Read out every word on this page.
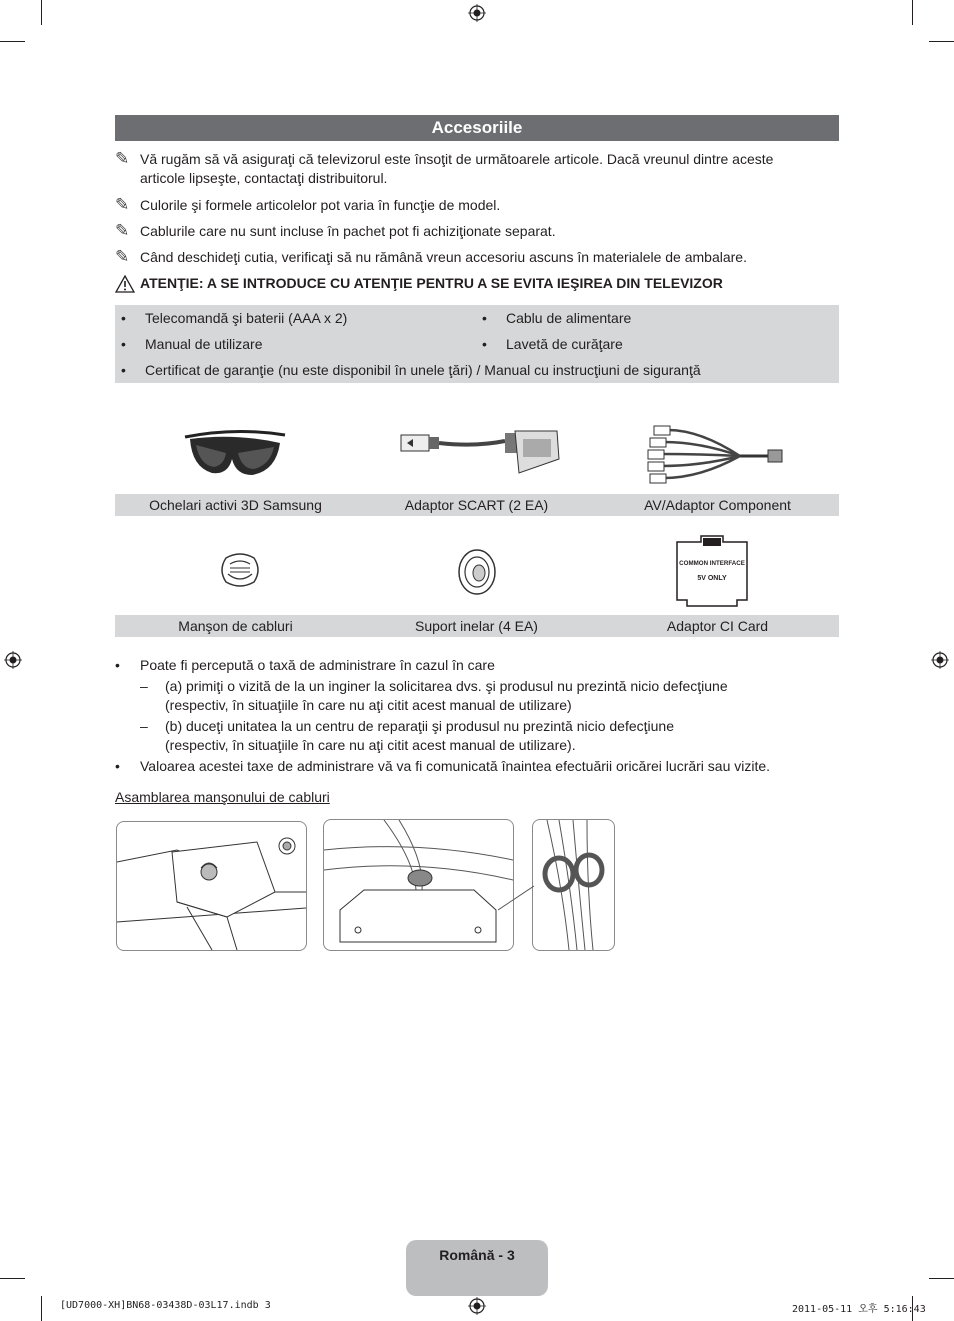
Accesoriile
✎ Vă rugăm să vă asiguraţi că televizorul este însoţit de următoarele articole. Dacă vreunul dintre aceste articole lipseşte, contactaţi distribuitorul.
✎ Culorile şi formele articolelor pot varia în funcţie de model.
✎ Cablurile care nu sunt incluse în pachet pot fi achiziţionate separat.
✎ Când deschideţi cutia, verificaţi să nu rămână vreun accesoriu ascuns în materialele de ambalare.
ATENŢIE: A SE INTRODUCE CU ATENŢIE PENTRU A SE EVITA IEŞIREA DIN TELEVIZOR
• Telecomandă şi baterii (AAA x 2)
• Manual de utilizare
• Cablu de alimentare
• Lavetă de curăţare
• Certificat de garanţie (nu este disponibil în unele ţări) / Manual cu instrucţiuni de siguranţă
Ochelari activi 3D Samsung	Adaptor SCART (2 EA)	AV/Adaptor Component
COMMON INTERFACE
5V ONLY
Manşon de cabluri	Suport inelar (4 EA)	Adaptor CI Card
• Poate fi percepută o taxă de administrare în cazul în care
– (a) primiţi o vizită de la un inginer la solicitarea dvs. şi produsul nu prezintă nicio defecţiune
(respectiv, în situaţiile în care nu aţi citit acest manual de utilizare)
– (b) duceţi unitatea la un centru de reparaţii şi produsul nu prezintă nicio defecţiune
(respectiv, în situaţiile în care nu aţi citit acest manual de utilizare).
• Valoarea acestei taxe de administrare vă va fi comunicată înaintea efectuării oricărei lucrări sau vizite.
Asamblarea manşonului de cabluri
Română - 3
[UD7000-XH]BN68-03438D-03L17.indb 3	2011-05-11 오후 5:16:43
